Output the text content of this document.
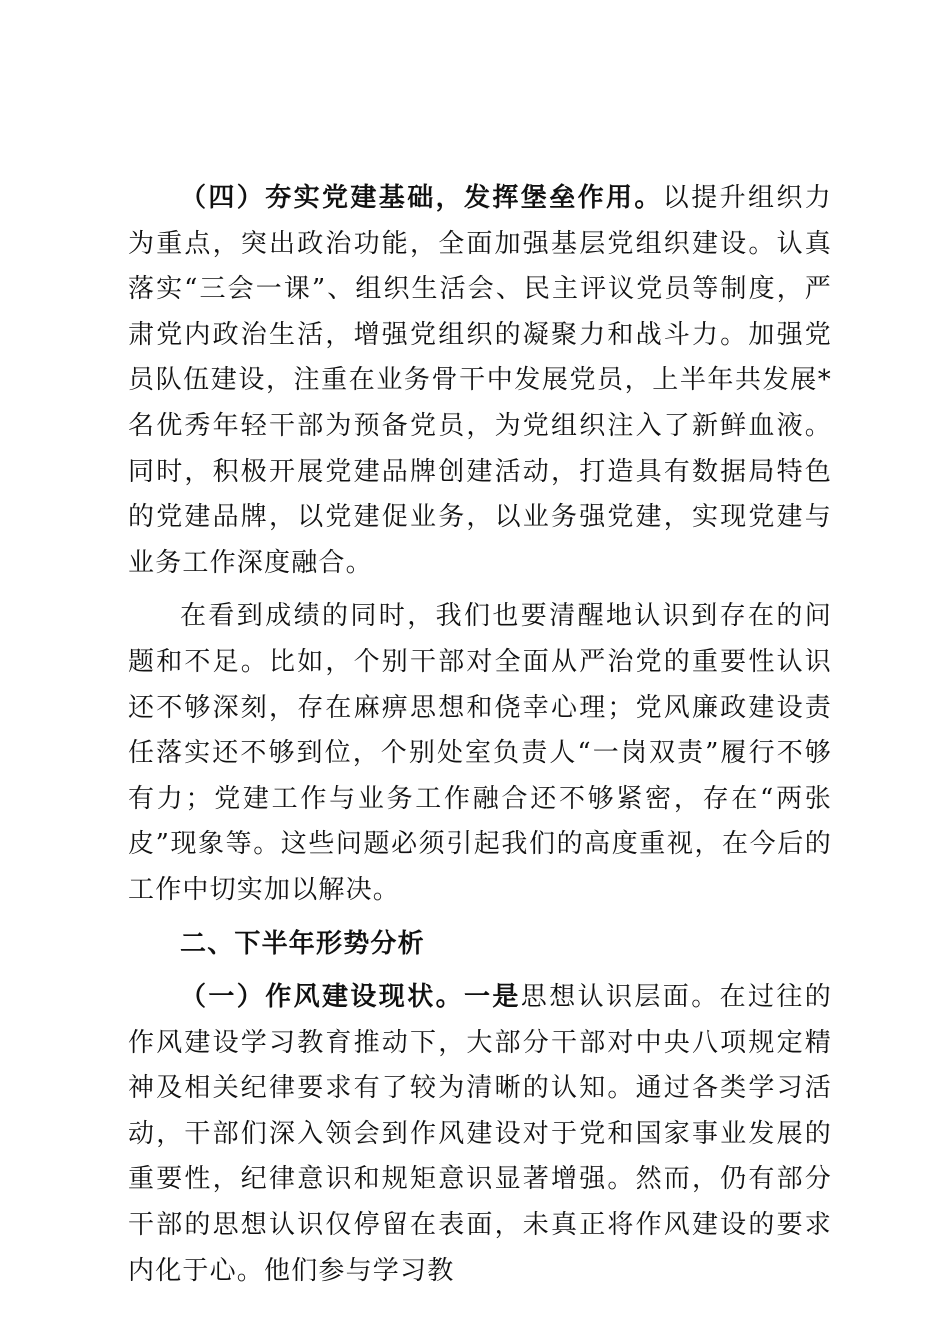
（四）夯实党建基础，发挥堡垒作用。以提升组织力为重点，突出政治功能，全面加强基层党组织建设。认真落实“三会一课”、组织生活会、民主评议党员等制度，严肃党内政治生活，增强党组织的凝聚力和战斗力。加强党员队伍建设，注重在业务骨干中发展党员，上半年共发展*名优秀年轻干部为预备党员，为党组织注入了新鲜血液。同时，积极开展党建品牌创建活动，打造具有数据局特色的党建品牌，以党建促业务，以业务强党建，实现党建与业务工作深度融合。

在看到成绩的同时，我们也要清醒地认识到存在的问题和不足。比如，个别干部对全面从严治党的重要性认识还不够深刻，存在麻痹思想和侥幸心理；党风廉政建设责任落实还不够到位，个别处室负责人“一岗双责”履行不够有力；党建工作与业务工作融合还不够紧密，存在“两张皮”现象等。这些问题必须引起我们的高度重视，在今后的工作中切实加以解决。

二、下半年形势分析

（一）作风建设现状。一是思想认识层面。在过往的作风建设学习教育推动下，大部分干部对中央八项规定精神及相关纪律要求有了较为清晰的认知。通过各类学习活动，干部们深入领会到作风建设对于党和国家事业发展的重要性，纪律意识和规矩意识显著增强。然而，仍有部分干部的思想认识仅停留在表面，未真正将作风建设的要求内化于心。他们参与学习教
